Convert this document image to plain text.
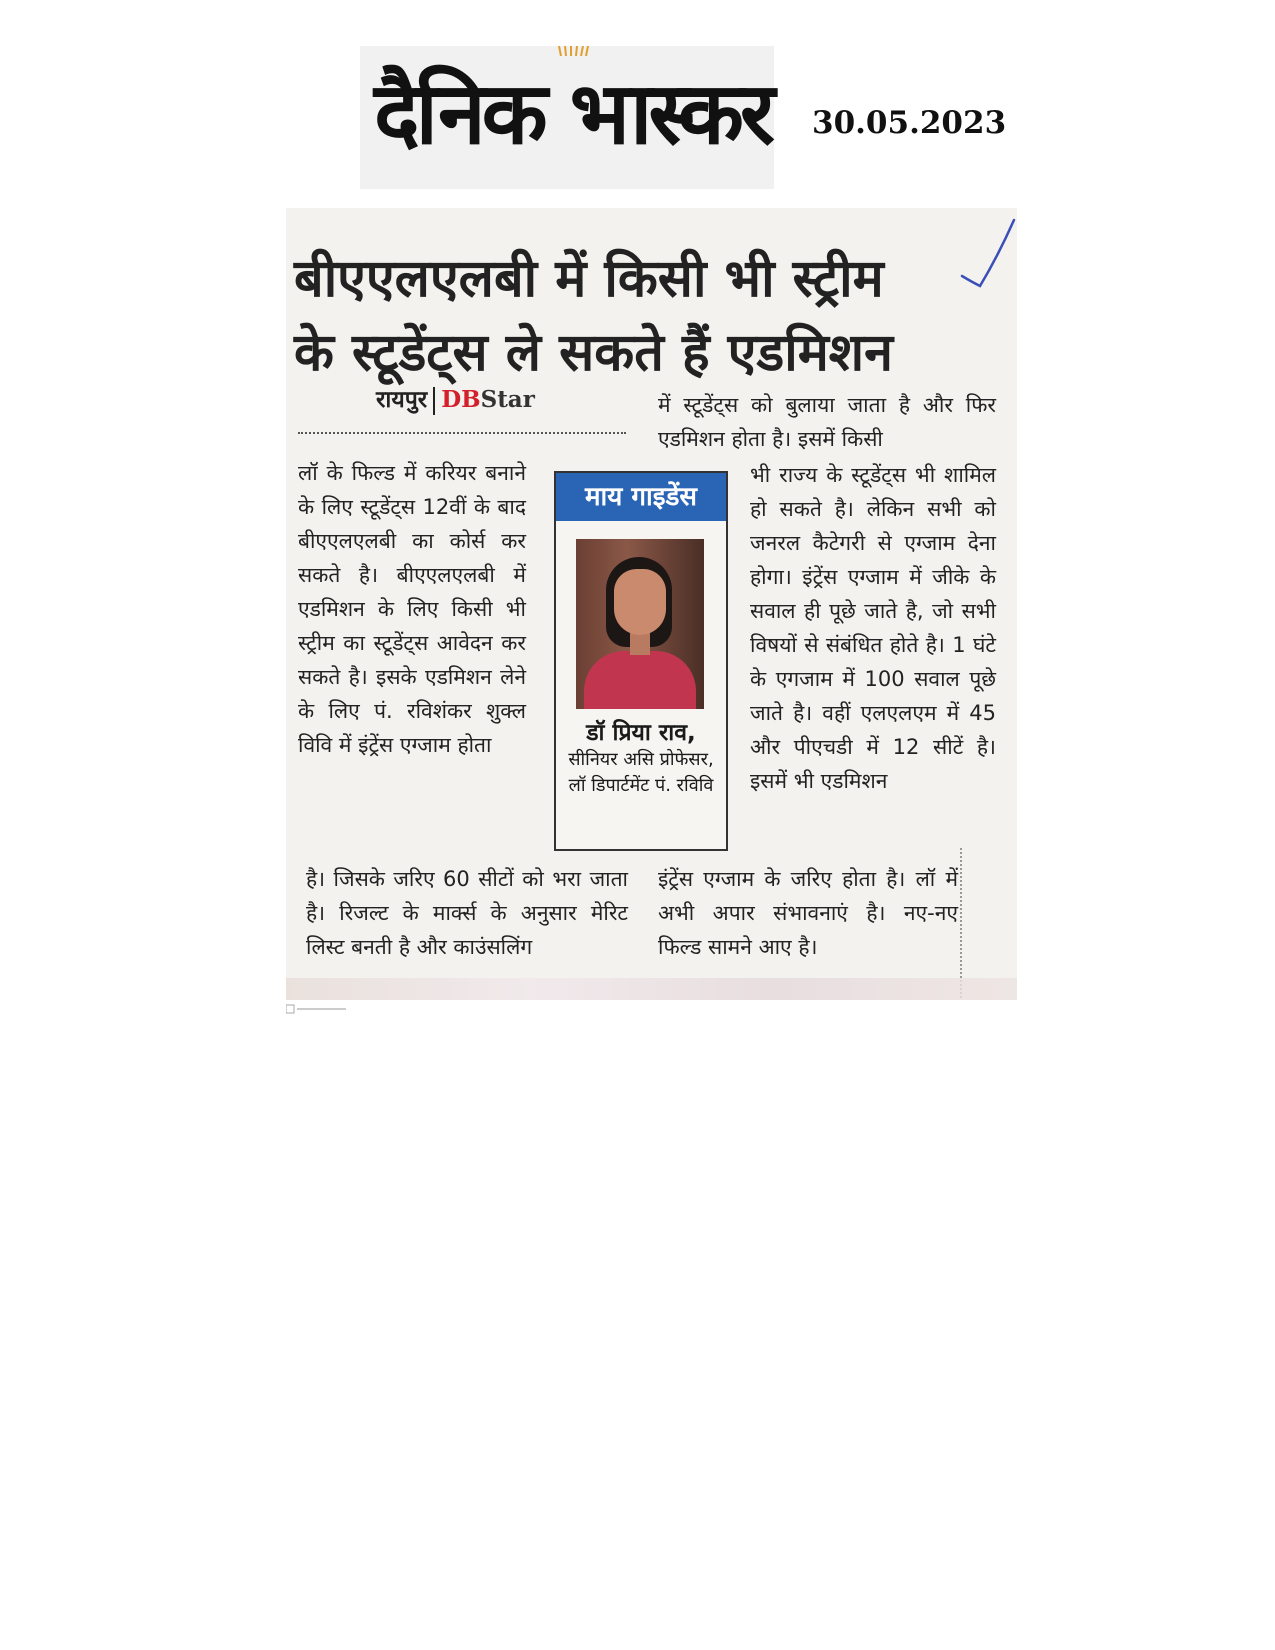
दैनिक भास्कर 30.05.2023
बीएएलएलबी में किसी भी स्ट्रीम
के स्टूडेंट्स ले सकते हैं एडमिशन
रायपुर DBStar

लॉ के फिल्ड में करियर बनाने के लिए स्टूडेंट्स 12वीं के बाद बीएएलएलबी का कोर्स कर सकते है। बीएएलएलबी में एडमिशन के लिए किसी भी स्ट्रीम का स्टूडेंट्स आवेदन कर सकते है। इसके एडमिशन लेने के लिए पं. रविशंकर शुक्ल विवि में इंट्रेंस एग्जाम होता

है। जिसके जरिए 60 सीटों को भरा जाता है। रिजल्ट के मार्क्स के अनुसार मेरिट लिस्ट बनती है और काउंसलिंग

में स्टूडेंट्स को बुलाया जाता है और फिर एडमिशन होता है। इसमें किसी

भी राज्य के स्टूडेंट्स भी शामिल हो सकते है। लेकिन सभी को जनरल कैटेगरी से एग्जाम देना होगा। इंट्रेंस एग्जाम में जीके के सवाल ही पूछे जाते है, जो सभी विषयों से संबंधित होते है। 1 घंटे के एगजाम में 100 सवाल पूछे जाते है। वहीं एलएलएम में 45 और पीएचडी में 12 सीटें है। इसमें भी एडमिशन

इंट्रेंस एग्जाम के जरिए होता है। लॉ में अभी अपार संभावनाएं है। नए-नए फिल्ड सामने आए है।

माय गाइडेंस
डॉ प्रिया राव,
सीनियर असि प्रोफेसर, लॉ डिपार्टमेंट पं. रविवि
